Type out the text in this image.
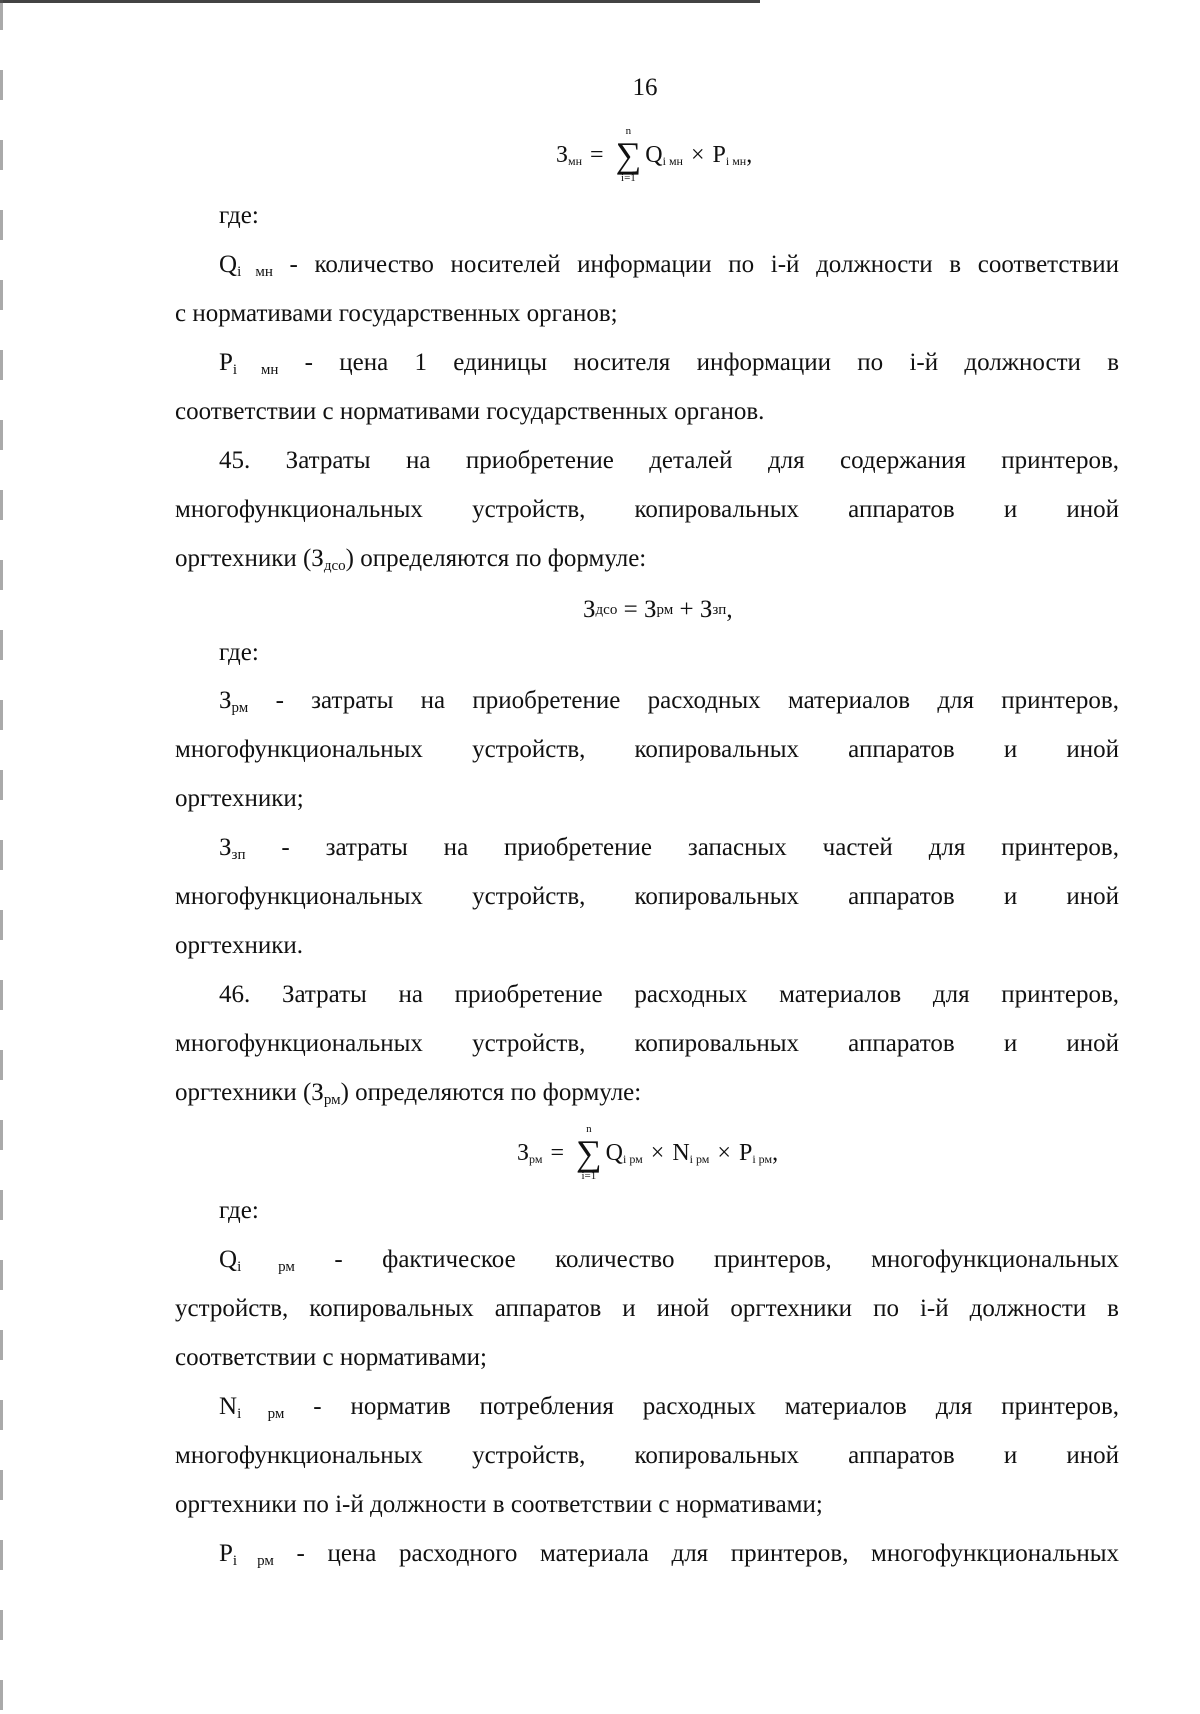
16
З мн =
n
∑
i=1
Q i мн × P i мн ,
где:
$Q_{i мн}$ - количество носителей информации по i-й должности в соответствии
с нормативами государственных органов;
$P_{i мн}$ - цена 1 единицы носителя информации по i-й должности в
соответствии с нормативами государственных органов.
45. Затраты на приобретение деталей для содержания принтеров,
многофункциональных устройств, копировальных аппаратов и иной
оргтехники $(З_{дсо})$ определяются по формуле:
З дсо = З рм + З зп ,
где:
$З_{рм}$ - затраты на приобретение расходных материалов для принтеров,
многофункциональных устройств, копировальных аппаратов и иной
оргтехники;
$З_{зп}$ - затраты на приобретение запасных частей для принтеров,
многофункциональных устройств, копировальных аппаратов и иной
оргтехники.
46. Затраты на приобретение расходных материалов для принтеров,
многофункциональных устройств, копировальных аппаратов и иной
оргтехники $(З_{рм})$ определяются по формуле:
З рм =
n
∑
i=1
Q i рм × N i рм × P i рм ,
где:
$Q_{i рм}$ - фактическое количество принтеров, многофункциональных
устройств, копировальных аппаратов и иной оргтехники по i-й должности в
соответствии с нормативами;
$N_{i рм}$ - норматив потребления расходных материалов для принтеров,
многофункциональных устройств, копировальных аппаратов и иной
оргтехники по i-й должности в соответствии с нормативами;
$P_{i рм}$ - цена расходного материала для принтеров, многофункциональных
